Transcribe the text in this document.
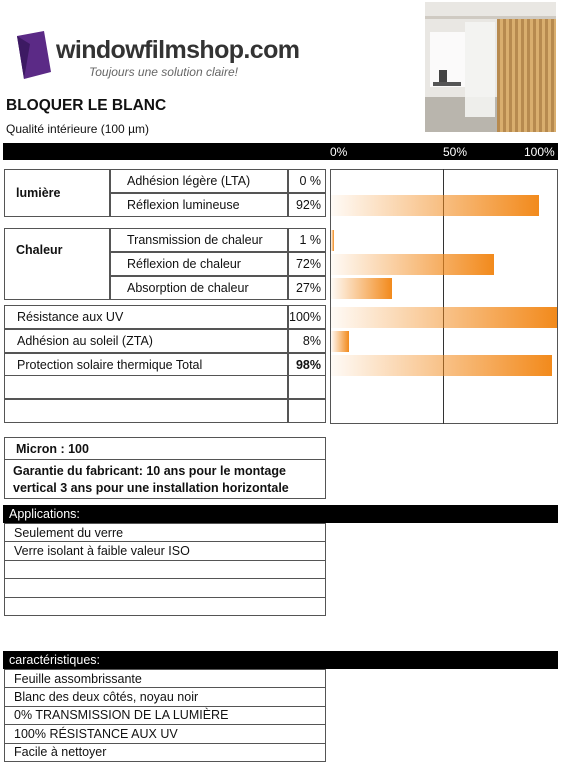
windowfilmshop.com
Toujours une solution claire!
BLOQUER LE BLANC
Qualité intérieure (100 µm)
0%	50%	100%
lumière
Chaleur
Adhésion légère (LTA)	0 %
Réflexion lumineuse	92%
Transmission de chaleur	1 %
Réflexion de chaleur	72%
Absorption de chaleur	27%
Résistance aux UV	100%
Adhésion au soleil (ZTA)	8%
Protection solaire thermique Total	98%
Micron : 100
Garantie du fabricant: 10 ans pour le montage vertical 3 ans pour une installation horizontale
Applications:
Seulement du verre
Verre isolant à faible valeur ISO
caractéristiques:
Feuille assombrissante
Blanc des deux côtés, noyau noir
0% TRANSMISSION DE LA LUMIÈRE
100% RÉSISTANCE AUX UV
Facile à nettoyer
